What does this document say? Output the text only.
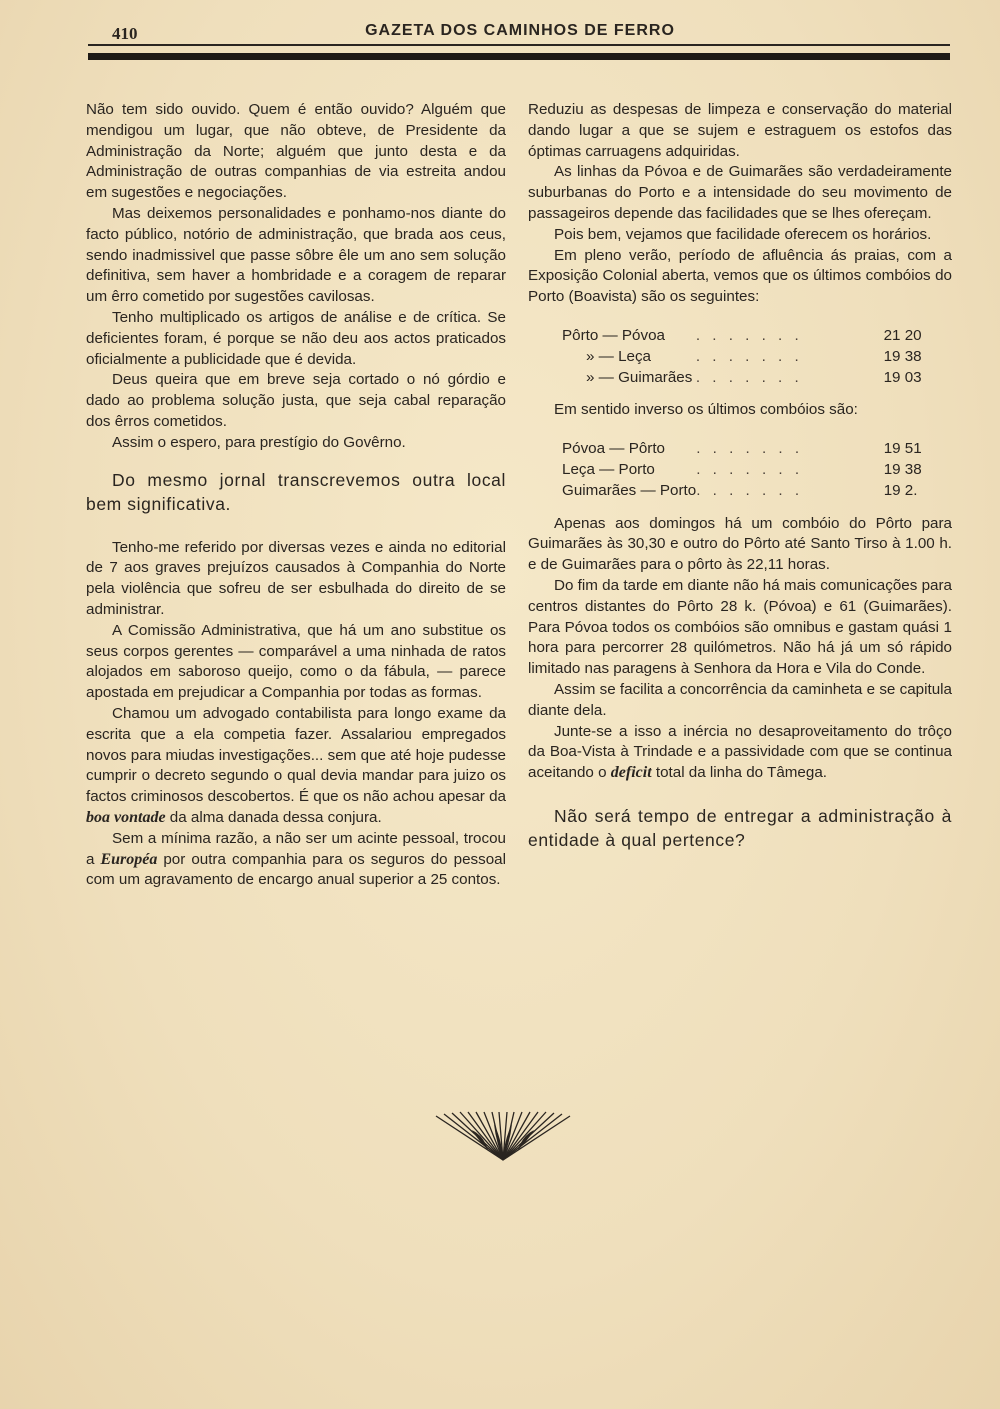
410	GAZETA DOS CAMINHOS DE FERRO

Não tem sido ouvido. Quem é então ouvido? Alguém que mendigou um lugar, que não obteve, de Presidente da Administração da Norte; alguém que junto desta e da Administração de outras companhias de via estreita andou em sugestões e negociações.

Mas deixemos personalidades e ponhamo-nos diante do facto público, notório de administração, que brada aos ceus, sendo inadmissivel que passe sôbre êle um ano sem solução definitiva, sem haver a hombridade e a coragem de reparar um êrro cometido por sugestões cavilosas.

Tenho multiplicado os artigos de análise e de crítica. Se deficientes foram, é porque se não deu aos actos praticados oficialmente a publicidade que é devida.

Deus queira que em breve seja cortado o nó górdio e dado ao problema solução justa, que seja cabal reparação dos êrros cometidos.

Assim o espero, para prestígio do Govêrno.

Do mesmo jornal transcrevemos outra local bem significativa.

Tenho-me referido por diversas vezes e ainda no editorial de 7 aos graves prejuízos causados à Companhia do Norte pela violência que sofreu de ser esbulhada do direito de se administrar.

A Comissão Administrativa, que há um ano substitue os seus corpos gerentes — comparável a uma ninhada de ratos alojados em saboroso queijo, como o da fábula, — parece apostada em prejudicar a Companhia por todas as formas.

Chamou um advogado contabilista para longo exame da escrita que a ela competia fazer. Assalariou empregados novos para miudas investigações... sem que até hoje pudesse cumprir o decreto segundo o qual devia mandar para juizo os factos criminosos descobertos. É que os não achou apesar da boa vontade da alma danada dessa conjura.

Sem a mínima razão, a não ser um acinte pessoal, trocou a Européa por outra companhia para os seguros do pessoal com um agravamento de encargo anual superior a 25 contos.

Reduziu as despesas de limpeza e conservação do material dando lugar a que se sujem e estraguem os estofos das óptimas carruagens adquiridas.

As linhas da Póvoa e de Guimarães são verdadeiramente suburbanas do Porto e a intensidade do seu movimento de passageiros depende das facilidades que se lhes ofereçam.

Pois bem, vejamos que facilidade oferecem os horários.

Em pleno verão, período de afluência ás praias, com a Exposição Colonial aberta, vemos que os últimos combóios do Porto (Boavista) são os seguintes:

Pôrto — Póvoa	. . . . . . .	21 20
» — Leça	. . . . . . .	19 38
» — Guimarães	. . . . . . .	19 03

Em sentido inverso os últimos combóios são:

Póvoa — Pôrto	. . . . . . .	19 51
Leça — Porto	. . . . . . .	19 38
Guimarães — Porto	. . . . . . .	19 2.

Apenas aos domingos há um combóio do Pôrto para Guimarães às 30,30 e outro do Pôrto até Santo Tirso à 1.00 h. e de Guimarães para o pôrto às 22,11 horas.

Do fim da tarde em diante não há mais comunicações para centros distantes do Pôrto 28 k. (Póvoa) e 61 (Guimarães). Para Póvoa todos os combóios são omnibus e gastam quási 1 hora para percorrer 28 quilómetros. Não há já um só rápido limitado nas paragens à Senhora da Hora e Vila do Conde.

Assim se facilita a concorrência da caminheta e se capitula diante dela.

Junte-se a isso a inércia no desaproveitamento do trôço da Boa-Vista à Trindade e a passividade com que se continua aceitando o deficit total da linha do Tâmega.

Não será tempo de entregar a administração à entidade à qual pertence?
